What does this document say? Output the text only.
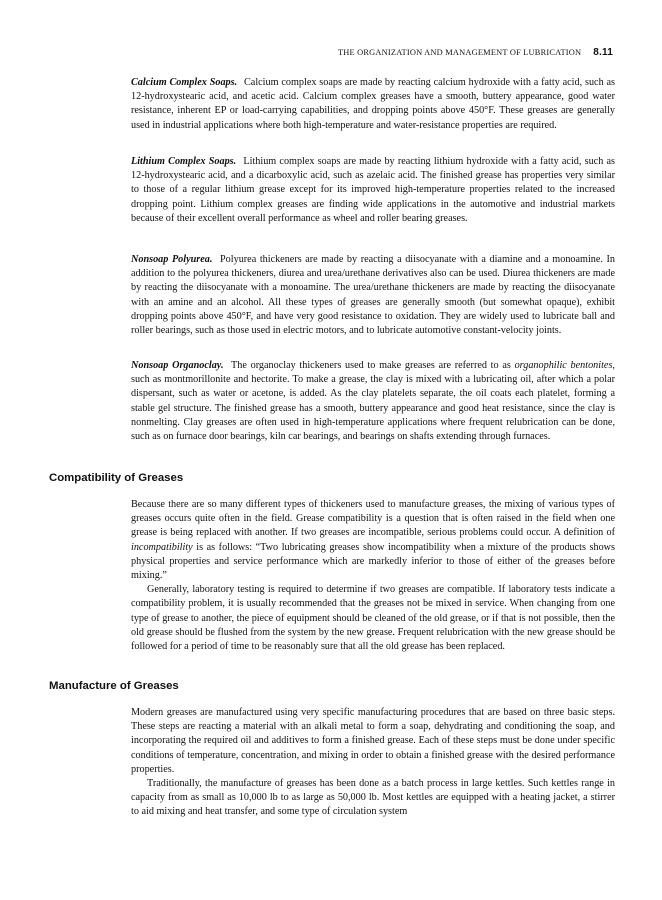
THE ORGANIZATION AND MANAGEMENT OF LUBRICATION 8.11

Calcium Complex Soaps. Calcium complex soaps are made by reacting calcium hydroxide with a fatty acid, such as 12-hydroxystearic acid, and acetic acid. Calcium complex greases have a smooth, buttery appearance, good water resistance, inherent EP or load-carrying capabilities, and dropping points above 450°F. These greases are generally used in industrial applications where both high-temperature and water-resistance properties are required.

Lithium Complex Soaps. Lithium complex soaps are made by reacting lithium hydroxide with a fatty acid, such as 12-hydroxystearic acid, and a dicarboxylic acid, such as azelaic acid. The finished grease has properties very similar to those of a regular lithium grease except for its improved high-temperature properties related to the increased dropping point. Lithium complex greases are finding wide applications in the automotive and industrial markets because of their excellent overall performance as wheel and roller bearing greases.

Nonsoap Polyurea. Polyurea thickeners are made by reacting a diisocyanate with a diamine and a monoamine. In addition to the polyurea thickeners, diurea and urea/urethane derivatives also can be used. Diurea thickeners are made by reacting the diisocyanate with a monoamine. The urea/urethane thickeners are made by reacting the diisocyanate with an amine and an alcohol. All these types of greases are generally smooth (but somewhat opaque), exhibit dropping points above 450°F, and have very good resistance to oxidation. They are widely used to lubricate ball and roller bearings, such as those used in electric motors, and to lubricate automotive constant-velocity joints.

Nonsoap Organoclay. The organoclay thickeners used to make greases are referred to as organophilic bentonites, such as montmorillonite and hectorite. To make a grease, the clay is mixed with a lubricating oil, after which a polar dispersant, such as water or acetone, is added. As the clay platelets separate, the oil coats each platelet, forming a stable gel structure. The finished grease has a smooth, buttery appearance and good heat resistance, since the clay is nonmelting. Clay greases are often used in high-temperature applications where frequent relubrication can be done, such as on furnace door bearings, kiln car bearings, and bearings on shafts extending through furnaces.

Compatibility of Greases

Because there are so many different types of thickeners used to manufacture greases, the mixing of various types of greases occurs quite often in the field. Grease compatibility is a question that is often raised in the field when one grease is being replaced with another. If two greases are incompatible, serious problems could occur. A definition of incompatibility is as follows: “Two lubricating greases show incompatibility when a mixture of the products shows physical properties and service performance which are markedly inferior to those of either of the greases before mixing.”

Generally, laboratory testing is required to determine if two greases are compatible. If laboratory tests indicate a compatibility problem, it is usually recommended that the greases not be mixed in service. When changing from one type of grease to another, the piece of equipment should be cleaned of the old grease, or if that is not possible, then the old grease should be flushed from the system by the new grease. Frequent relubrication with the new grease should be followed for a period of time to be reasonably sure that all the old grease has been replaced.

Manufacture of Greases

Modern greases are manufactured using very specific manufacturing procedures that are based on three basic steps. These steps are reacting a material with an alkali metal to form a soap, dehydrating and conditioning the soap, and incorporating the required oil and additives to form a finished grease. Each of these steps must be done under specific conditions of temperature, concentration, and mixing in order to obtain a finished grease with the desired performance properties.

Traditionally, the manufacture of greases has been done as a batch process in large kettles. Such kettles range in capacity from as small as 10,000 lb to as large as 50,000 lb. Most kettles are equipped with a heating jacket, a stirrer to aid mixing and heat transfer, and some type of circulation system
